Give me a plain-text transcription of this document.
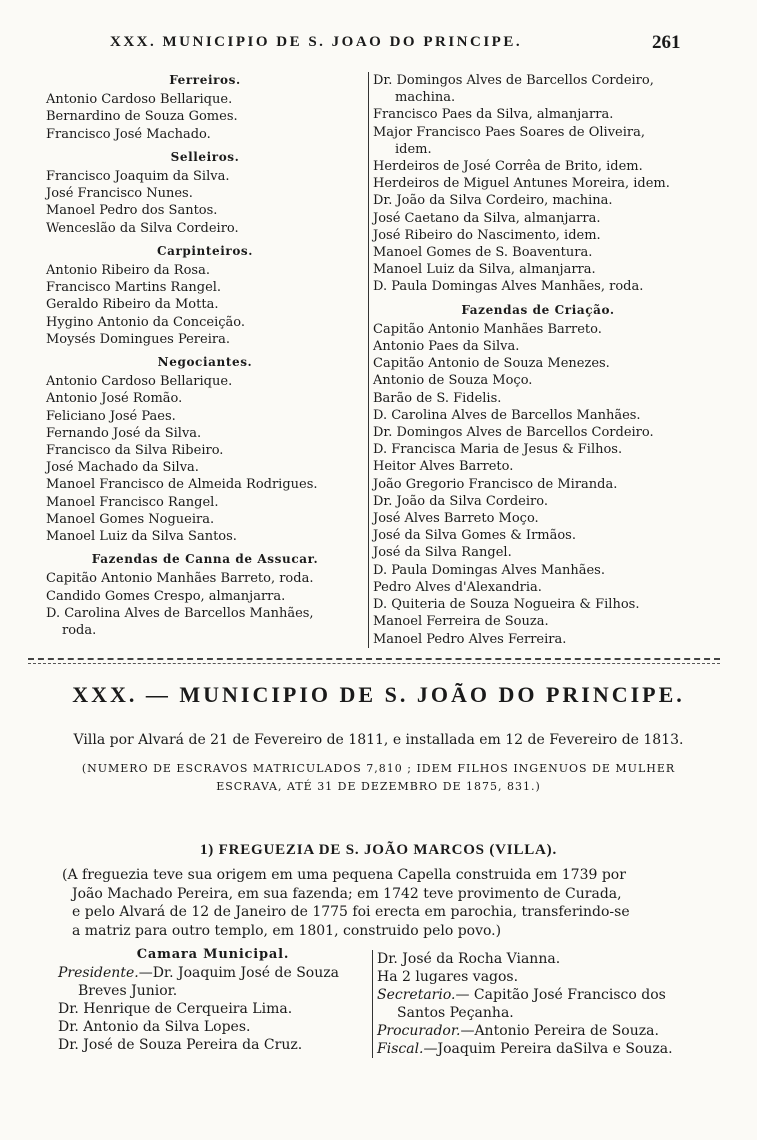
XXX. MUNICIPIO DE S. JOAO DO PRINCIPE.	261
Ferreiros.
Antonio Cardoso Bellarique.
Bernardino de Souza Gomes.
Francisco José Machado.
Selleiros.
Francisco Joaquim da Silva.
José Francisco Nunes.
Manoel Pedro dos Santos.
Wenceslão da Silva Cordeiro.
Carpinteiros.
Antonio Ribeiro da Rosa.
Francisco Martins Rangel.
Geraldo Ribeiro da Motta.
Hygino Antonio da Conceição.
Moysés Domingues Pereira.
Negociantes.
Antonio Cardoso Bellarique.
Antonio José Romão.
Feliciano José Paes.
Fernando José da Silva.
Francisco da Silva Ribeiro.
José Machado da Silva.
Manoel Francisco de Almeida Rodrigues.
Manoel Francisco Rangel.
Manoel Gomes Nogueira.
Manoel Luiz da Silva Santos.
Fazendas de Canna de Assucar.
Capitão Antonio Manhães Barreto, roda.
Candido Gomes Crespo, almanjarra.
D. Carolina Alves de Barcellos Manhães,
roda.
Dr. Domingos Alves de Barcellos Cordeiro,
machina.
Francisco Paes da Silva, almanjarra.
Major Francisco Paes Soares de Oliveira,
idem.
Herdeiros de José Corrêa de Brito, idem.
Herdeiros de Miguel Antunes Moreira, idem.
Dr. João da Silva Cordeiro, machina.
José Caetano da Silva, almanjarra.
José Ribeiro do Nascimento, idem.
Manoel Gomes de S. Boaventura.
Manoel Luiz da Silva, almanjarra.
D. Paula Domingas Alves Manhães, roda.
Fazendas de Criação.
Capitão Antonio Manhães Barreto.
Antonio Paes da Silva.
Capitão Antonio de Souza Menezes.
Antonio de Souza Moço.
Barão de S. Fidelis.
D. Carolina Alves de Barcellos Manhães.
Dr. Domingos Alves de Barcellos Cordeiro.
D. Francisca Maria de Jesus & Filhos.
Heitor Alves Barreto.
João Gregorio Francisco de Miranda.
Dr. João da Silva Cordeiro.
José Alves Barreto Moço.
José da Silva Gomes & Irmãos.
José da Silva Rangel.
D. Paula Domingas Alves Manhães.
Pedro Alves d'Alexandria.
D. Quiteria de Souza Nogueira & Filhos.
Manoel Ferreira de Souza.
Manoel Pedro Alves Ferreira.
XXX. — MUNICIPIO DE S. JOÃO DO PRINCIPE.
Villa por Alvará de 21 de Fevereiro de 1811, e installada em 12 de Fevereiro de 1813.
(NUMERO DE ESCRAVOS MATRICULADOS 7,810 ; IDEM FILHOS INGENUOS DE MULHER
ESCRAVA, ATÉ 31 DE DEZEMBRO DE 1875, 831.)
1) FREGUEZIA DE S. JOÃO MARCOS (VILLA).
(A freguezia teve sua origem em uma pequena Capella construida em 1739 por
João Machado Pereira, em sua fazenda; em 1742 teve provimento de Curada,
e pelo Alvará de 12 de Janeiro de 1775 foi erecta em parochia, transferindo-se
a matriz para outro templo, em 1801, construido pelo povo.)
Camara Municipal.
Presidente.—Dr. Joaquim José de Souza
Breves Junior.
Dr. Henrique de Cerqueira Lima.
Dr. Antonio da Silva Lopes.
Dr. José de Souza Pereira da Cruz.
Dr. José da Rocha Vianna.
Ha 2 lugares vagos.
Secretario.— Capitão José Francisco dos
Santos Peçanha.
Procurador.—Antonio Pereira de Souza.
Fiscal.—Joaquim Pereira daSilva e Souza.
